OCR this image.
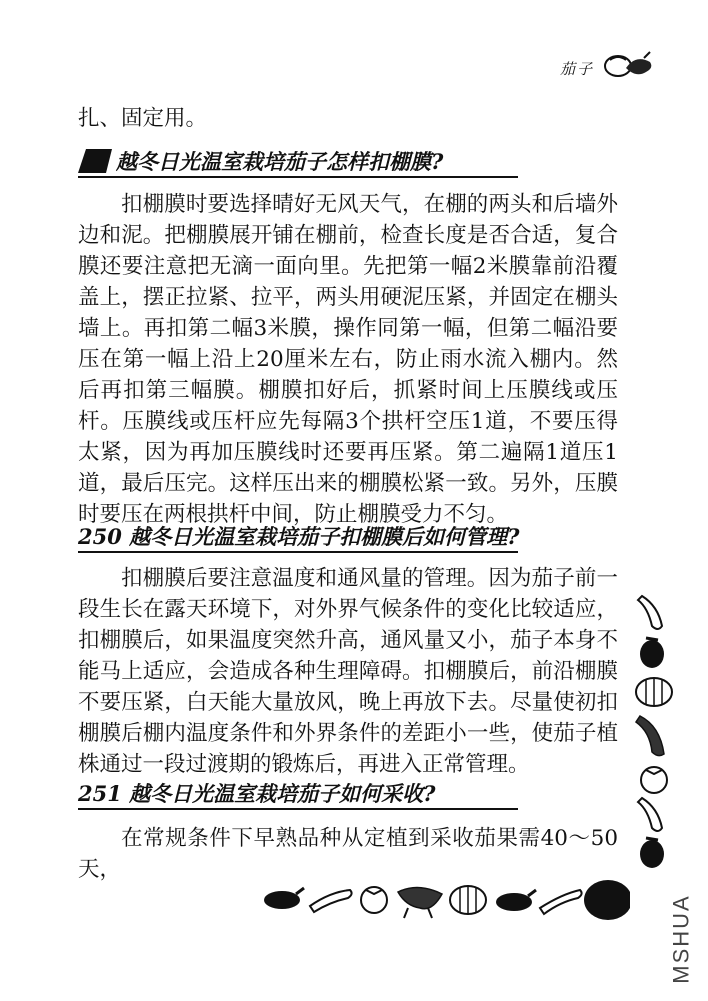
茄子

扎、固定用。

越冬日光温室栽培茄子怎样扣棚膜?

扣棚膜时要选择晴好无风天气，在棚的两头和后墙外边和泥。把棚膜展开铺在棚前，检查长度是否合适，复合膜还要注意把无滴一面向里。先把第一幅2米膜靠前沿覆盖上，摆正拉紧、拉平，两头用硬泥压紧，并固定在棚头墙上。再扣第二幅3米膜，操作同第一幅，但第二幅沿要压在第一幅上沿上20厘米左右，防止雨水流入棚内。然后再扣第三幅膜。棚膜扣好后，抓紧时间上压膜线或压杆。压膜线或压杆应先每隔3个拱杆空压1道，不要压得太紧，因为再加压膜线时还要再压紧。第二遍隔1道压1道，最后压完。这样压出来的棚膜松紧一致。另外，压膜时要压在两根拱杆中间，防止棚膜受力不匀。

250 越冬日光温室栽培茄子扣棚膜后如何管理?

扣棚膜后要注意温度和通风量的管理。因为茄子前一段生长在露天环境下，对外界气候条件的变化比较适应，扣棚膜后，如果温度突然升高，通风量又小，茄子本身不能马上适应，会造成各种生理障碍。扣棚膜后，前沿棚膜不要压紧，白天能大量放风，晚上再放下去。尽量使初扣棚膜后棚内温度条件和外界条件的差距小一些，使茄子植株通过一段过渡期的锻炼后，再进入正常管理。

251 越冬日光温室栽培茄子如何采收?

在常规条件下早熟品种从定植到采收茄果需40～50天，

MSHUA
